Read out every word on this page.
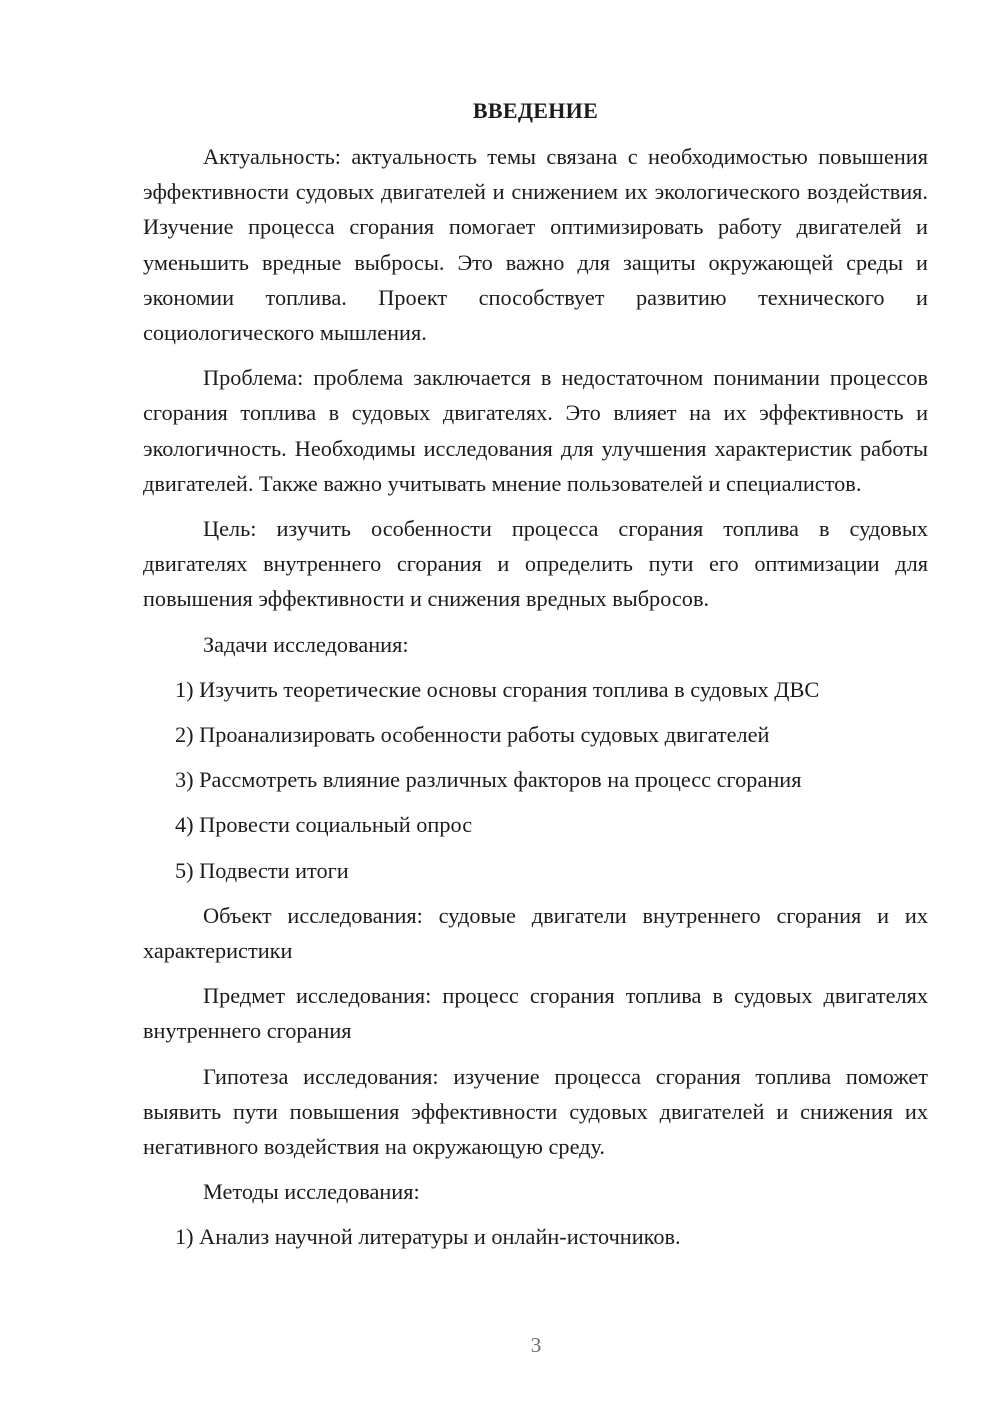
ВВЕДЕНИЕ

Актуальность: актуальность темы связана с необходимостью повышения эффективности судовых двигателей и снижением их экологического воздействия. Изучение процесса сгорания помогает оптимизировать работу двигателей и уменьшить вредные выбросы. Это важно для защиты окружающей среды и экономии топлива. Проект способствует развитию технического и социологического мышления.

Проблема: проблема заключается в недостаточном понимании процессов сгорания топлива в судовых двигателях. Это влияет на их эффективность и экологичность. Необходимы исследования для улучшения характеристик работы двигателей. Также важно учитывать мнение пользователей и специалистов.

Цель: изучить особенности процесса сгорания топлива в судовых двигателях внутреннего сгорания и определить пути его оптимизации для повышения эффективности и снижения вредных выбросов.

Задачи исследования:

1) Изучить теоретические основы сгорания топлива в судовых ДВС

2) Проанализировать особенности работы судовых двигателей

3) Рассмотреть влияние различных факторов на процесс сгорания

4) Провести социальный опрос

5) Подвести итоги

Объект исследования: судовые двигатели внутреннего сгорания и их характеристики

Предмет исследования: процесс сгорания топлива в судовых двигателях внутреннего сгорания

Гипотеза исследования: изучение процесса сгорания топлива поможет выявить пути повышения эффективности судовых двигателей и снижения их негативного воздействия на окружающую среду.

Методы исследования:

1) Анализ научной литературы и онлайн-источников.

3
